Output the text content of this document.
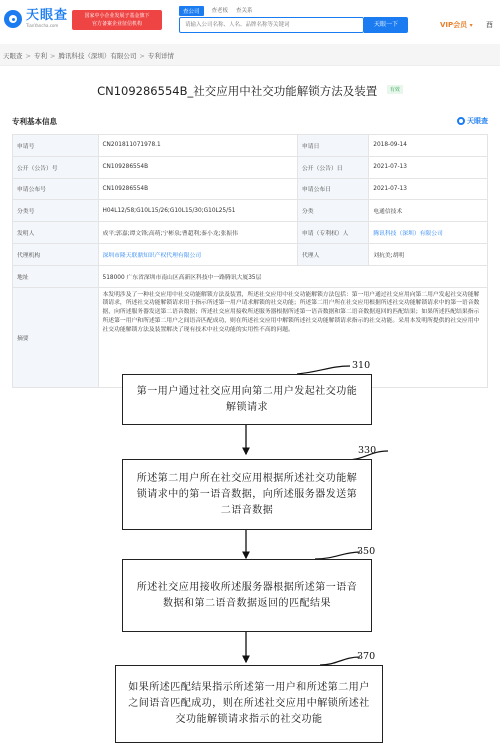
天眼查
TianYancha.com
国家中小企业发展子基金旗下
官方备案企业征信机构
查公司	查老板 查关系
请输入公司名称、人名、品牌名称等关键词
天眼一下	VIP会员 ▾ 酉
天眼查 > 专利 > 腾讯科技（深圳）有限公司 > 专利详情
CN109286554B_社交应用中社交功能解锁方法及装置	有效
专利基本信息	天眼查
申请号	CN201811071978.1	申请日	2018-09-14
公开（公告）号	CN109286554B	公开（公告）日	2021-07-13
申请公布号	CN109286554B	申请公布日	2021-07-13
分类号	H04L12/58;G10L15/26;G10L15/30;G10L25/51	分类	电通信技术
发明人	成平;郭嘉;谭文锋;高萌;宁彬泉;曹超利;秦小龙;张振伟	申请（专利权）人	腾讯科技（深圳）有限公司
代理机构	深圳市隆天联鼎知识产权代理有限公司	代理人	刘抗美;胡明
地址	518000 广东省深圳市南山区高新区科技中一路腾讯大厦35层		
摘要	本发明涉及了一种社交应用中社交功能解锁方法及装置，所述社交应用中社交功能解锁方法包括：第一用户通过社交应用向第二用户发起社交功能解锁请求，所述社交功能解锁请求用于指示所述第一用户请求解锁的社交功能；所述第二用户所在社交应用根据所述社交功能解锁请求中的第一语音数据，向所述服务器发送第二语音数据；所述社交应用接收所述服务器根据所述第一语音数据和第二语音数据返回的匹配结果；如果所述匹配结果指示所述第一用户和所述第二用户之间语音匹配成功，则在所述社交应用中解锁所述社交功能解锁请求指示的社交功能。采用本发明所提供的社交应用中社交功能解锁方法及装置解决了现有技术中社交功能的实用性不高的问题。		
310
第一用户通过社交应用向第二用户发起社交功能解锁请求
330
所述第二用户所在社交应用根据所述社交功能解锁请求中的第一语音数据，向所述服务器发送第二语音数据
350
所述社交应用接收所述服务器根据所述第一语音数据和第二语音数据返回的匹配结果
370
如果所述匹配结果指示所述第一用户和所述第二用户之间语音匹配成功，则在所述社交应用中解锁所述社交功能解锁请求指示的社交功能
